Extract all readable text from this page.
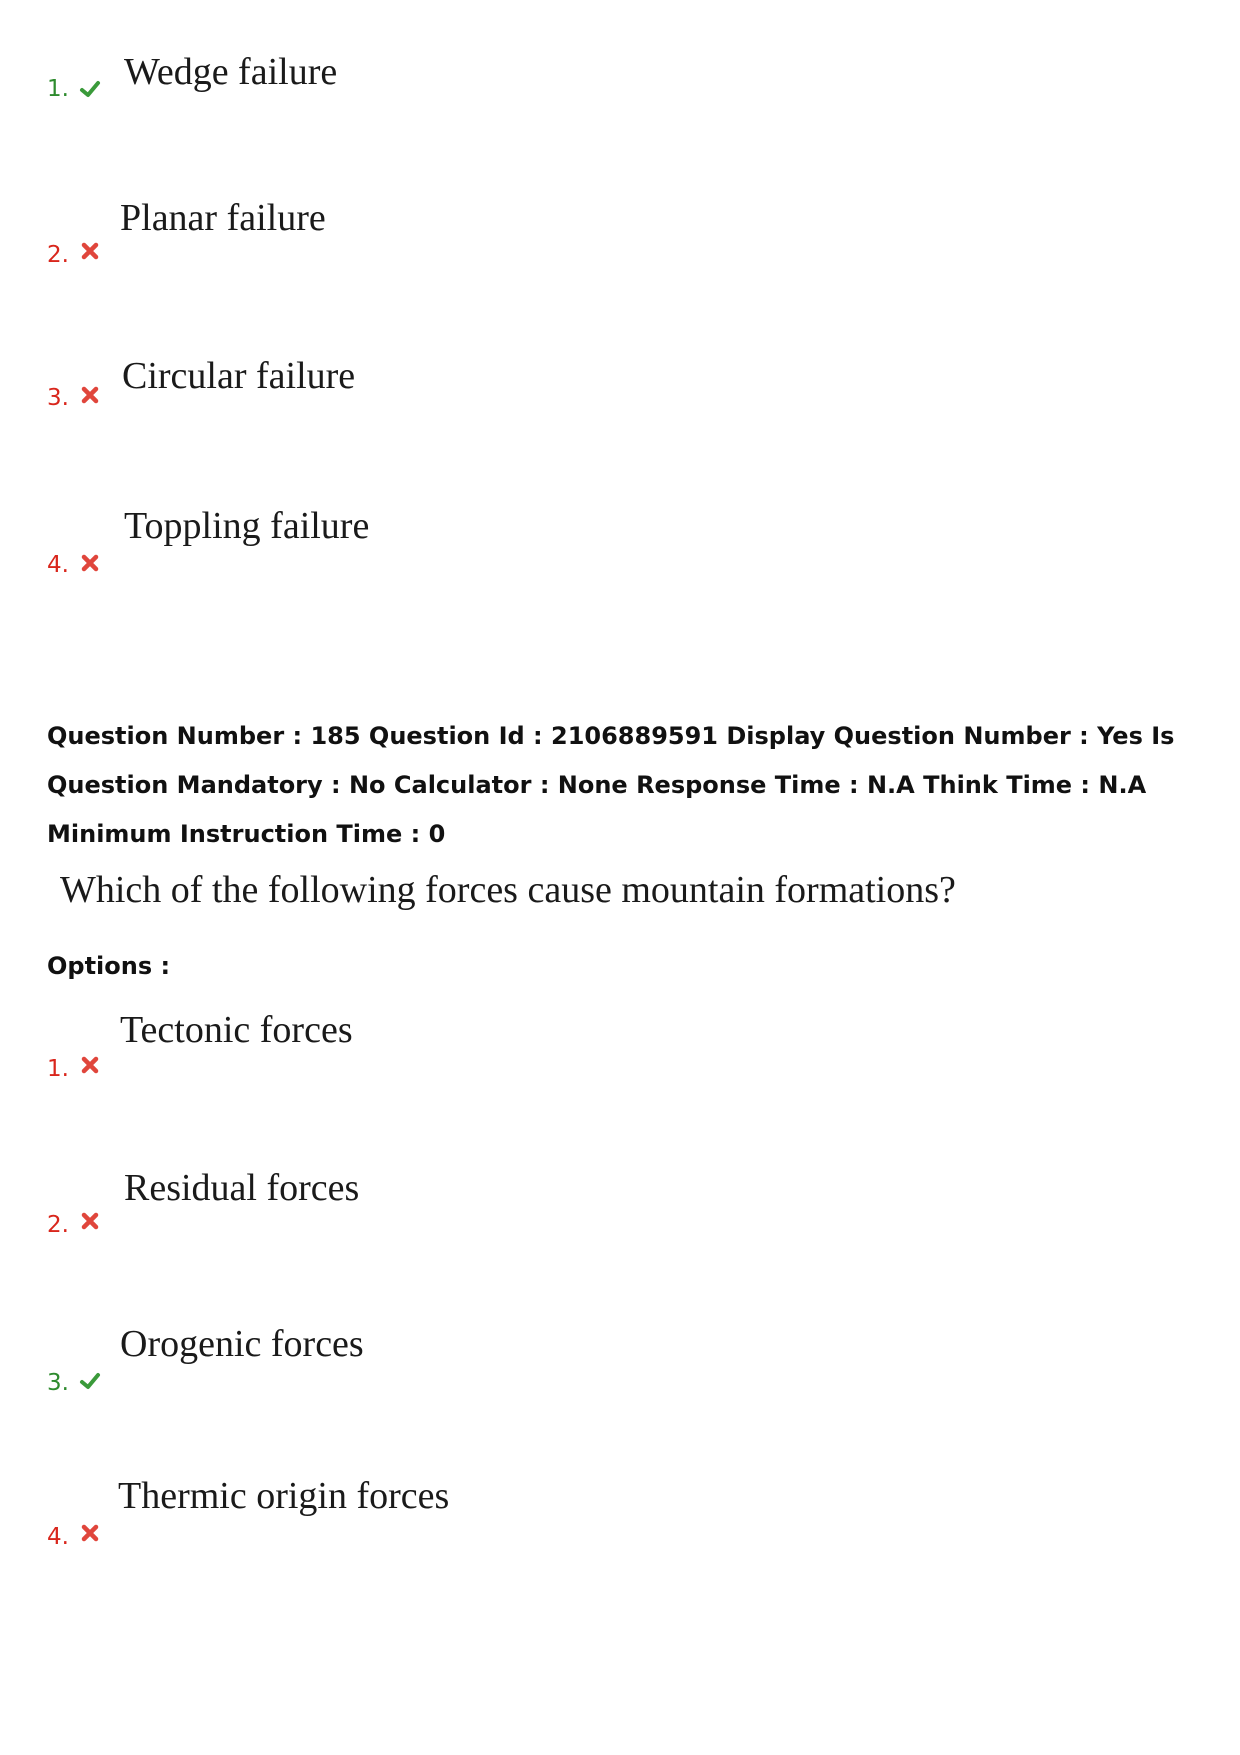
1. Wedge failure
2.
Planar failure
3.
Circular failure
4.
Toppling failure
Question Number : 185 Question Id : 2106889591 Display Question Number : Yes Is Question Mandatory : No Calculator : None Response Time : N.A Think Time : N.A Minimum Instruction Time : 0
Which of the following forces cause mountain formations?
Options :
1.
Tectonic forces
2.
Residual forces
3.
Orogenic forces
4.
Thermic origin forces
